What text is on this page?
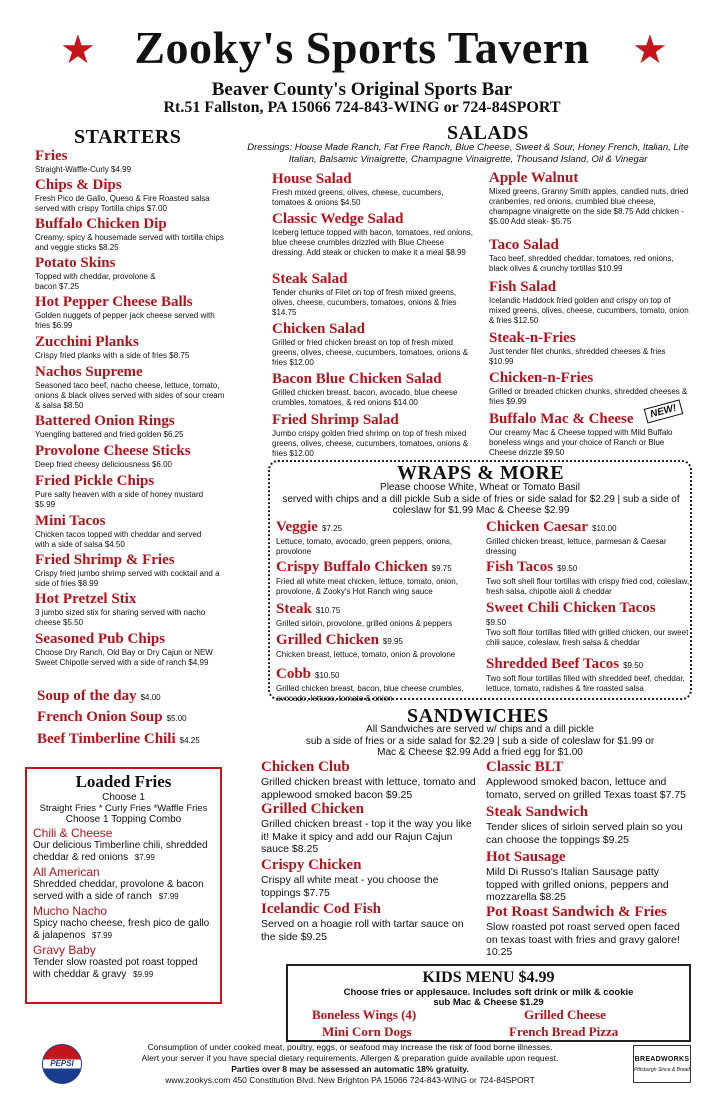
★	★
Zooky's Sports Tavern
Beaver County's Original Sports Bar
Rt.51 Fallston, PA 15066 724-843-WING or 724-84SPORT
STARTERS
Fries
Straight-Waffle-Curly $4.99
Chips & Dips
Fresh Pico de Gallo, Queso & Fire Roasted salsa served with crispy Tortilla chips $7.00
Buffalo Chicken Dip
Creamy, spicy & housemade served with tortilla chips and veggie sticks $8.25
Potato Skins
Topped with cheddar, provolone & bacon $7.25
Hot Pepper Cheese Balls
Golden nuggets of pepper jack cheese served with fries $6.99
Zucchini Planks
Crispy fried planks with a side of fries $8.75
Nachos Supreme
Seasoned taco beef, nacho cheese, lettuce, tomato, onions & black olives served with sides of sour cream & salsa $8.50
Battered Onion Rings
Yuengling battered and fried golden $6.25
Provolone Cheese Sticks
Deep fried cheesy deliciousness $6.00
Fried Pickle Chips
Pure salty heaven with a side of honey mustard $5.99
Mini Tacos
Chicken tacos topped with cheddar and served with a side of salsa $4.50
Fried Shrimp & Fries
Crispy fried jumbo shrimp served with cocktail and a side of fries $8.99
Hot Pretzel Stix
3 jumbo sized stix for sharing served with nacho cheese $5.50
Seasoned Pub Chips
Choose Dry Ranch, Old Bay or Dry Cajun or NEW Sweet Chipotle served with a side of ranch $4.99
Soup of the day $4.00
French Onion Soup $5.00
Beef Timberline Chili $4.25
Loaded Fries
Choose 1
Straight Fries * Curly Fries *Waffle Fries
Choose 1 Topping Combo
Chili & Cheese
Our delicious Timberline chili, shredded cheddar & red onions $7.99
All American
Shredded cheddar, provolone & bacon served with a side of ranch $7.99
Mucho Nacho
Spicy nacho cheese, fresh pico de gallo & jalapenos $7.99
Gravy Baby
Tender slow roasted pot roast topped with cheddar & gravy $9.99
SALADS
Dressings: House Made Ranch, Fat Free Ranch, Blue Cheese, Sweet & Sour, Honey French, Italian, Lite Italian, Balsamic Vinaigrette, Champagne Vinaigrette, Thousand Island, Oil & Vinegar
House Salad
Fresh mixed greens, olives, cheese, cucumbers, tomatoes & onions $4.50
Classic Wedge Salad
Iceberg lettuce topped with bacon, tomatoes, red onions, blue cheese crumbles drizzled with Blue Cheese dressing. Add steak or chicken to make it a meal $8.99
Steak Salad
Tender chunks of Filet on top of fresh mixed greens, olives, cheese, cucumbers, tomatoes, onions & fries $14.75
Chicken Salad
Grilled or fried chicken breast on top of fresh mixed greens, olives, cheese, cucumbers, tomatoes, onions & fries $12.00
Bacon Blue Chicken Salad
Grilled chicken breast, bacon, avocado, blue cheese crumbles, tomatoes, & red onions $14.00
Fried Shrimp Salad
Jumbo crispy golden fried shrimp on top of fresh mixed greens, olives, cheese, cucumbers, tomatoes, onions & fries $12.00
Apple Walnut
Mixed greens, Granny Smith apples, candied nuts, dried cranberries, red onions, crumbled blue cheese, champagne vinaigrette on the side $8.75 Add chicken - $5.00 Add steak- $5.75
Taco Salad
Taco beef, shredded cheddar, tomatoes, red onions, black olives & crunchy tortillas $10.99
Fish Salad
Icelandic Haddock fried golden and crispy on top of mixed greens, olives, cheese, cucumbers, tomato, onion & fries $12.50
Steak-n-Fries
Just tender filet chunks, shredded cheeses & fries $10.99
Chicken-n-Fries
Grilled or breaded chicken chunks, shredded cheeses & fries $9.99
Buffalo Mac & Cheese
Our creamy Mac & Cheese topped with Mild Buffalo boneless wings and your choice of Ranch or Blue Cheese drizzle $9.50
NEW!
WRAPS & MORE
Please choose White, Wheat or Tomato Basil
served with chips and a dill pickle Sub a side of fries or side salad for $2.29 | sub a side of coleslaw for $1.99 Mac & Cheese $2.99
Veggie $7.25
Lettuce, tomato, avocado, green peppers, onions, provolone
Crispy Buffalo Chicken $9.75
Fried all white meat chicken, lettuce, tomato, onion, provolone, & Zooky's Hot Ranch wing sauce
Steak $10.75
Grilled sirloin, provolone, grilled onions & peppers
Grilled Chicken $9.95
Chicken breast, lettuce, tomato, onion & provolone
Cobb $10.50
Grilled chicken breast, bacon, blue cheese crumbles, avocado, lettuce, tomato & onion
Chicken Caesar $10.00
Grilled chicken breast, lettuce, parmesan & Caesar dressing
Fish Tacos $9.50
Two soft shell flour tortillas with crispy fried cod, coleslaw, fresh salsa, chipotle aioli & cheddar
Sweet Chili Chicken Tacos
$9.50
Two soft flour tortillas filled with grilled chicken, our sweet chili sauce, coleslaw, fresh salsa & cheddar
Shredded Beef Tacos $9.50
Two soft flour tortillas filled with shredded beef, cheddar, lettuce, tomato, radishes & fire roasted salsa
SANDWICHES
All Sandwiches are served w/ chips and a dill pickle
sub a side of fries or a side salad for $2.29 | sub a side of coleslaw for $1.99 or
Mac & Cheese $2.99 Add a fried egg for $1.00
Chicken Club
Grilled chicken breast with lettuce, tomato and applewood smoked bacon $9.25
Grilled Chicken
Grilled chicken breast - top it the way you like it! Make it spicy and add our Rajun Cajun sauce $8.25
Crispy Chicken
Crispy all white meat - you choose the toppings $7.75
Icelandic Cod Fish
Served on a hoagie roll with tartar sauce on the side $9.25
Classic BLT
Applewood smoked bacon, lettuce and tomato, served on grilled Texas toast $7.75
Steak Sandwich
Tender slices of sirloin served plain so you can choose the toppings $9.25
Hot Sausage
Mild Di Russo's Italian Sausage patty topped with grilled onions, peppers and mozzarella $8.25
Pot Roast Sandwich & Fries
Slow roasted pot roast served open faced on texas toast with fries and gravy galore! 10.25
KIDS MENU $4.99
Choose fries or applesauce. Includes soft drink or milk & cookie
sub Mac & Cheese $1.29
Boneless Wings (4)	Grilled Cheese
Mini Corn Dogs	French Bread Pizza
PEPSI
Consumption of under cooked meat, poultry, eggs, or seafood may increase the risk of food borne illnesses.
Alert your server if you have special dietary requirements. Allergen & preparation guide available upon request.
Parties over 8 may be assessed an automatic 18% gratuity.
www.zookys.com 450 Constitution Blvd. New Brighton PA 15066 724-843-WING or 724-84SPORT
BREADWORKS
Pittsburgh Since & Bread
